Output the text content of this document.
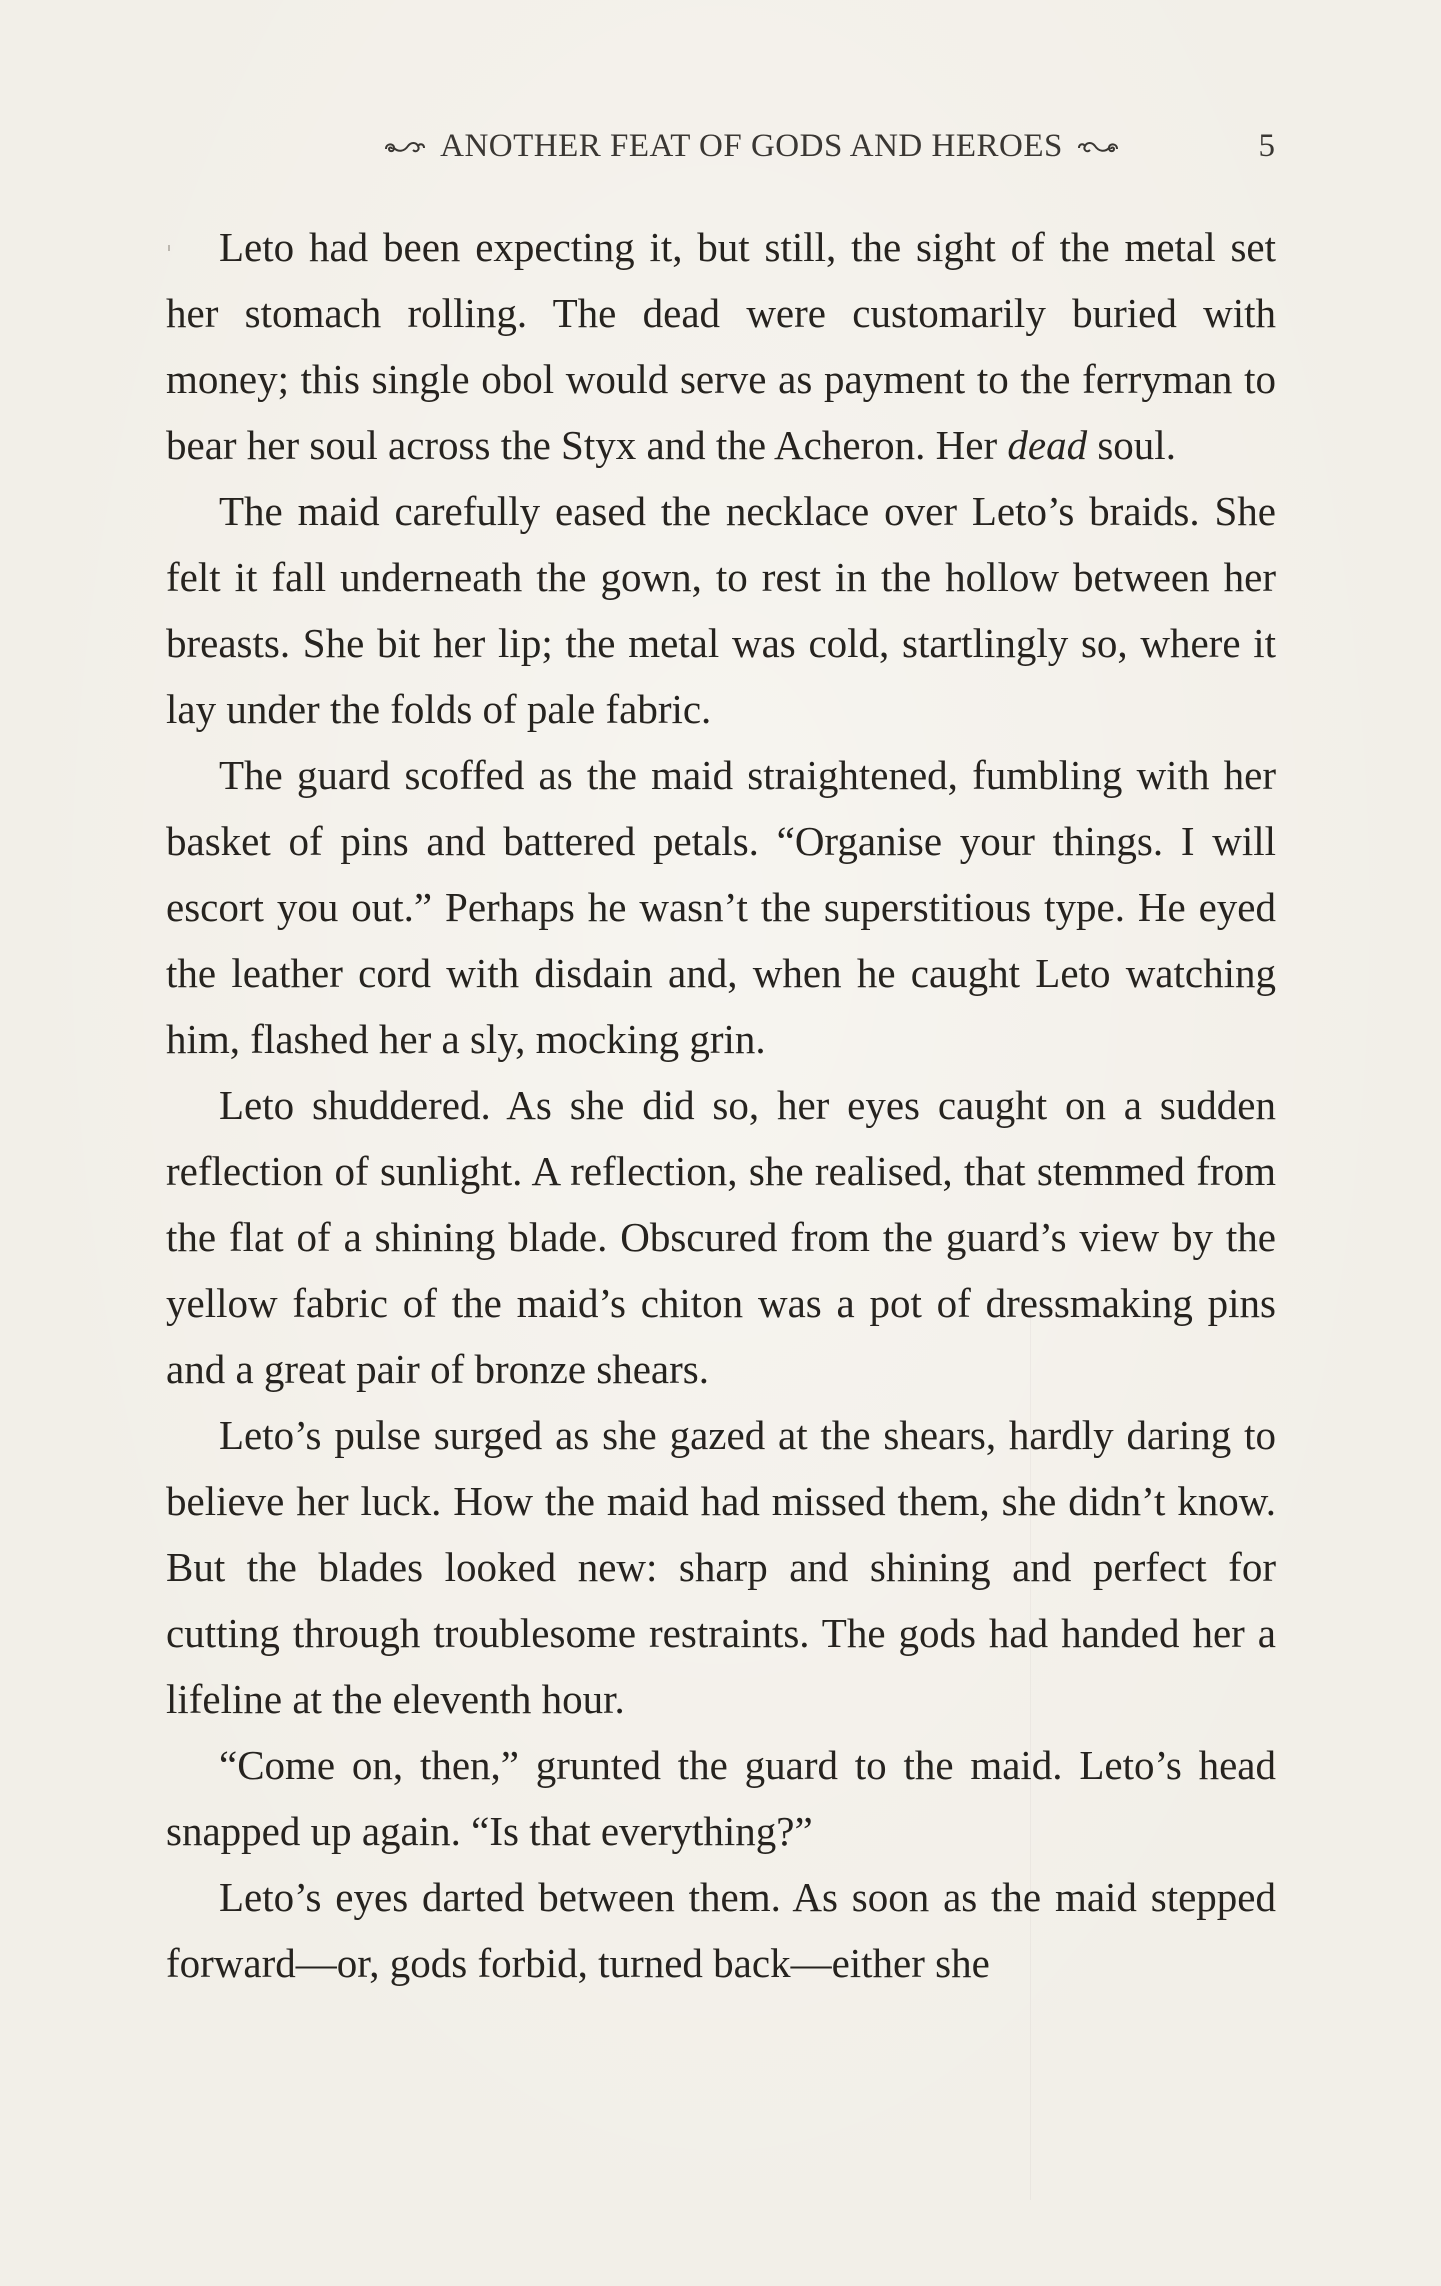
ANOTHER FEAT OF GODS AND HEROES	5

Leto had been expecting it, but still, the sight of the metal set her stomach rolling. The dead were customarily buried with money; this single obol would serve as payment to the ferryman to bear her soul across the Styx and the Acheron. Her dead soul.

The maid carefully eased the necklace over Leto’s braids. She felt it fall underneath the gown, to rest in the hollow between her breasts. She bit her lip; the metal was cold, startlingly so, where it lay under the folds of pale fabric.

The guard scoffed as the maid straightened, fumbling with her basket of pins and battered petals. “Organise your things. I will escort you out.” Perhaps he wasn’t the superstitious type. He eyed the leather cord with disdain and, when he caught Leto watching him, flashed her a sly, mocking grin.

Leto shuddered. As she did so, her eyes caught on a sudden reflection of sunlight. A reflection, she realised, that stemmed from the flat of a shining blade. Obscured from the guard’s view by the yellow fabric of the maid’s chiton was a pot of dressmaking pins and a great pair of bronze shears.

Leto’s pulse surged as she gazed at the shears, hardly daring to believe her luck. How the maid had missed them, she didn’t know. But the blades looked new: sharp and shining and perfect for cutting through troublesome restraints. The gods had handed her a lifeline at the eleventh hour.

“Come on, then,” grunted the guard to the maid. Leto’s head snapped up again. “Is that everything?”

Leto’s eyes darted between them. As soon as the maid stepped forward—or, gods forbid, turned back—either she
